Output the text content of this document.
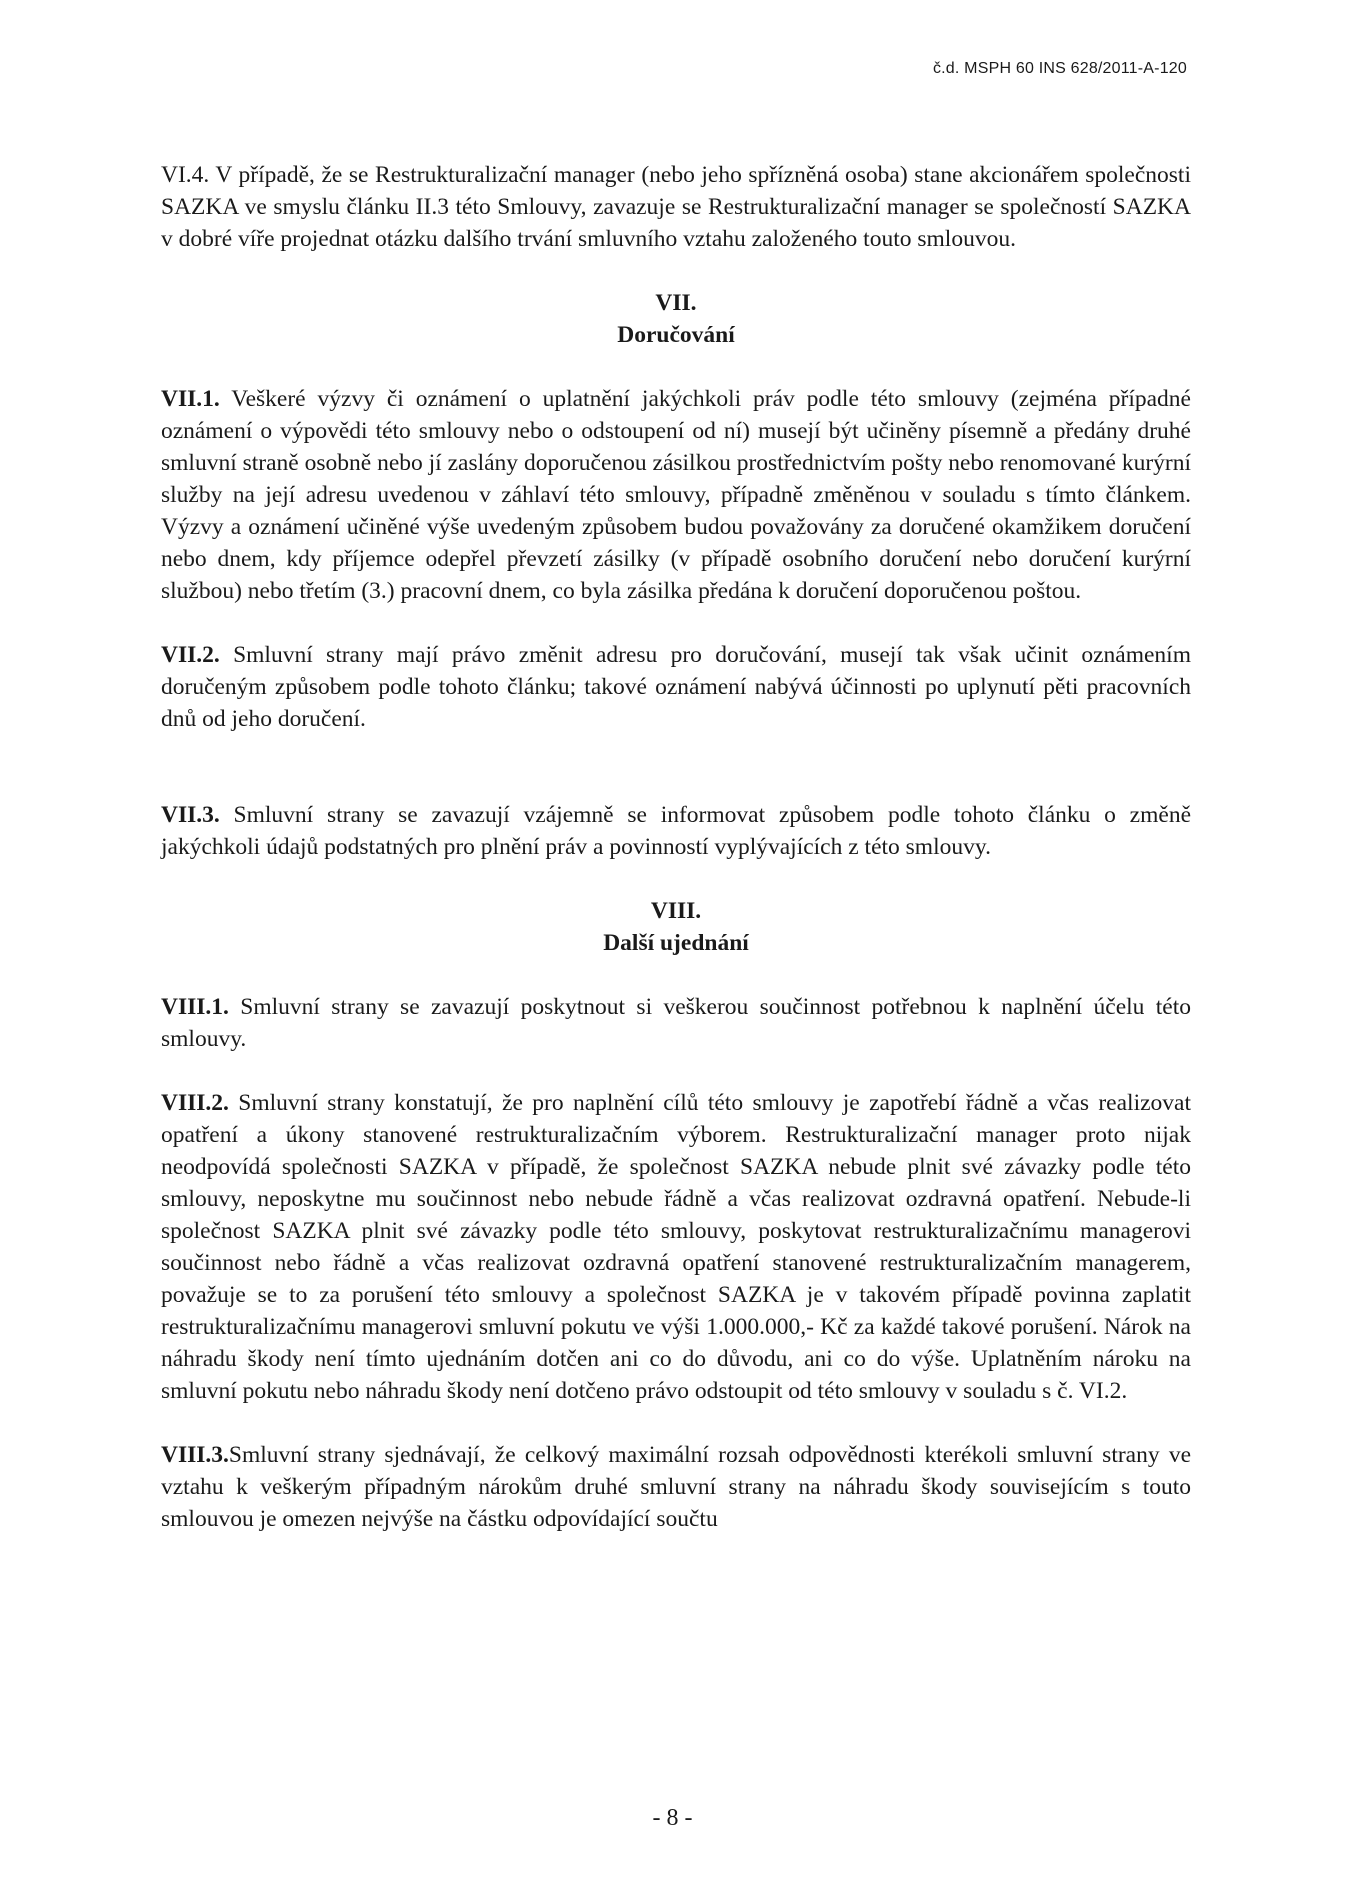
č.d. MSPH 60 INS 628/2011-A-120

VI.4. V případě, že se Restrukturalizační manager (nebo jeho spřízněná osoba) stane akcionářem společnosti SAZKA ve smyslu článku II.3 této Smlouvy, zavazuje se Restrukturalizační manager se společností SAZKA v dobré víře projednat otázku dalšího trvání smluvního vztahu založeného touto smlouvou.

VII.

Doručování

VII.1. Veškeré výzvy či oznámení o uplatnění jakýchkoli práv podle této smlouvy (zejména případné oznámení o výpovědi této smlouvy nebo o odstoupení od ní) musejí být učiněny písemně a předány druhé smluvní straně osobně nebo jí zaslány doporučenou zásilkou prostřednictvím pošty nebo renomované kurýrní služby na její adresu uvedenou v záhlaví této smlouvy, případně změněnou v souladu s tímto článkem. Výzvy a oznámení učiněné výše uvedeným způsobem budou považovány za doručené okamžikem doručení nebo dnem, kdy příjemce odepřel převzetí zásilky (v případě osobního doručení nebo doručení kurýrní službou) nebo třetím (3.) pracovní dnem, co byla zásilka předána k doručení doporučenou poštou.

VII.2. Smluvní strany mají právo změnit adresu pro doručování, musejí tak však učinit oznámením doručeným způsobem podle tohoto článku; takové oznámení nabývá účinnosti po uplynutí pěti pracovních dnů od jeho doručení.

VII.3. Smluvní strany se zavazují vzájemně se informovat způsobem podle tohoto článku o změně jakýchkoli údajů podstatných pro plnění práv a povinností vyplývajících z této smlouvy.

VIII.

Další ujednání

VIII.1. Smluvní strany se zavazují poskytnout si veškerou součinnost potřebnou k naplnění účelu této smlouvy.

VIII.2. Smluvní strany konstatují, že pro naplnění cílů této smlouvy je zapotřebí řádně a včas realizovat opatření a úkony stanovené restrukturalizačním výborem. Restrukturalizační manager proto nijak neodpovídá společnosti SAZKA v případě, že společnost SAZKA nebude plnit své závazky podle této smlouvy, neposkytne mu součinnost nebo nebude řádně a včas realizovat ozdravná opatření. Nebude-li společnost SAZKA plnit své závazky podle této smlouvy, poskytovat restrukturalizačnímu managerovi součinnost nebo řádně a včas realizovat ozdravná opatření stanovené restrukturalizačním managerem, považuje se to za porušení této smlouvy a společnost SAZKA je v takovém případě povinna zaplatit restrukturalizačnímu managerovi smluvní pokutu ve výši 1.000.000,- Kč za každé takové porušení. Nárok na náhradu škody není tímto ujednáním dotčen ani co do důvodu, ani co do výše. Uplatněním nároku na smluvní pokutu nebo náhradu škody není dotčeno právo odstoupit od této smlouvy v souladu s č. VI.2.

VIII.3.Smluvní strany sjednávají, že celkový maximální rozsah odpovědnosti kterékoli smluvní strany ve vztahu k veškerým případným nárokům druhé smluvní strany na náhradu škody souvisejícím s touto smlouvou je omezen nejvýše na částku odpovídající součtu

- 8 -
